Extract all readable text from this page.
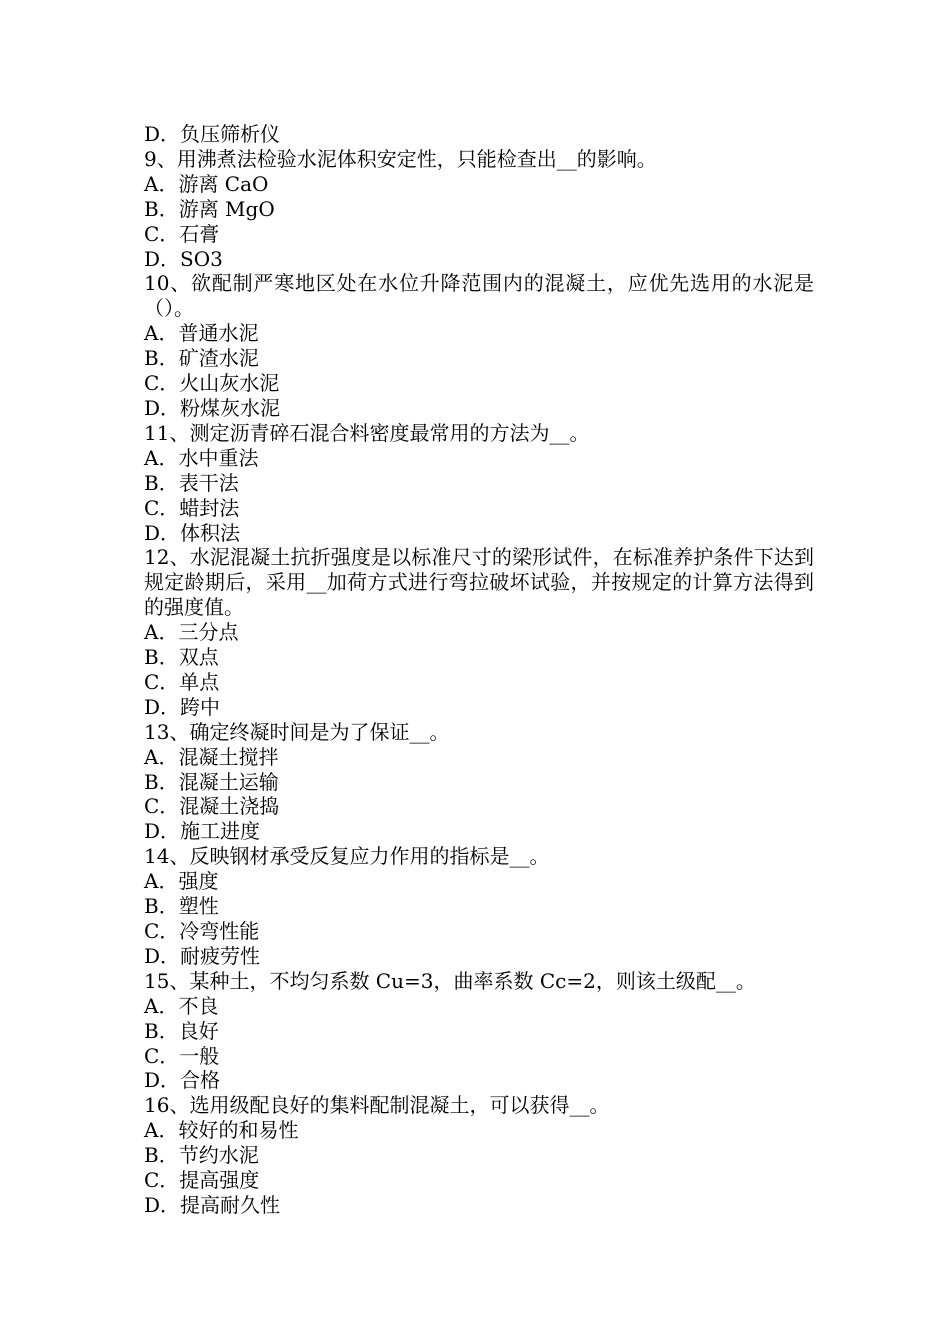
D．负压筛析仪

9、用沸煮法检验水泥体积安定性，只能检查出__的影响。

A．游离 CaO

B．游离 MgO

C．石膏

D．SO3

10、欲配制严寒地区处在水位升降范围内的混凝土，应优先选用的水泥是（）。

A．普通水泥

B．矿渣水泥

C．火山灰水泥

D．粉煤灰水泥

11、测定沥青碎石混合料密度最常用的方法为__。

A．水中重法

B．表干法

C．蜡封法

D．体积法

12、水泥混凝土抗折强度是以标准尺寸的梁形试件，在标准养护条件下达到规定龄期后，采用__加荷方式进行弯拉破坏试验，并按规定的计算方法得到的强度值。

A．三分点

B．双点

C．单点

D．跨中

13、确定终凝时间是为了保证__。

A．混凝土搅拌

B．混凝土运输

C．混凝土浇捣

D．施工进度

14、反映钢材承受反复应力作用的指标是__。

A．强度

B．塑性

C．冷弯性能

D．耐疲劳性

15、某种土，不均匀系数 Cu=3，曲率系数 Cc=2，则该土级配__。

A．不良

B．良好

C．一般

D．合格

16、选用级配良好的集料配制混凝土，可以获得__。

A．较好的和易性

B．节约水泥

C．提高强度

D．提高耐久性
